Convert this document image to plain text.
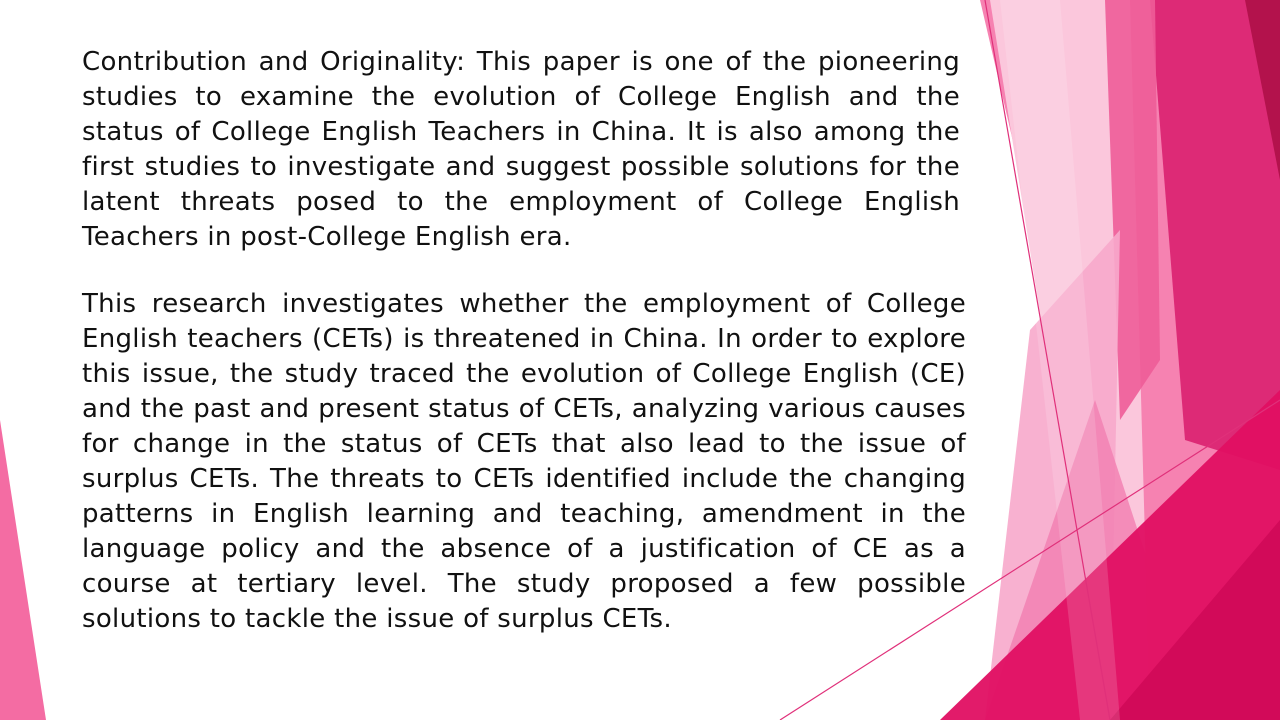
Contribution and Originality: This paper is one of the pioneering studies to examine the evolution of College English and the status of College English Teachers in China. It is also among the first studies to investigate and suggest possible solutions for the latent threats posed to the employment of College English Teachers in post-College English era.

This research investigates whether the employment of College English teachers (CETs) is threatened in China. In order to explore this issue, the study traced the evolution of College English (CE) and the past and present status of CETs, analyzing various causes for change in the status of CETs that also lead to the issue of surplus CETs. The threats to CETs identified include the changing patterns in English learning and teaching, amendment in the language policy and the absence of a justification of CE as a course at tertiary level. The study proposed a few possible solutions to tackle the issue of surplus CETs.
